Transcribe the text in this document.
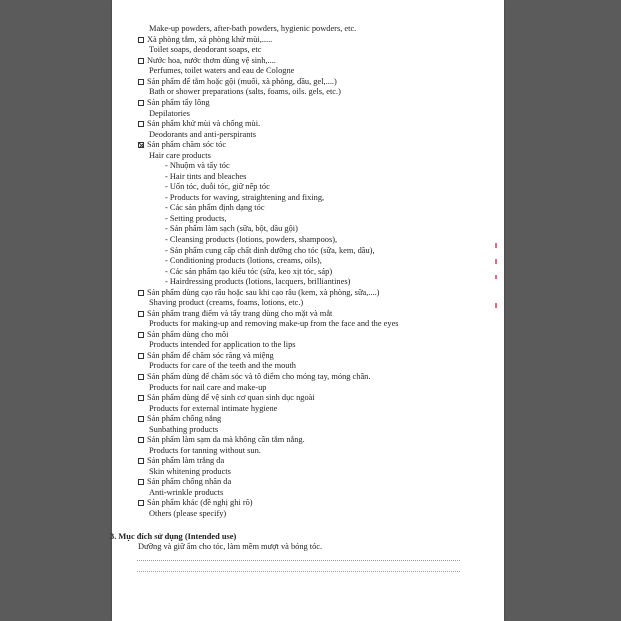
Make-up powders, after-bath powders, hygienic powders, etc.
Xà phòng tắm, xà phòng khử mùi,.....
Toilet soaps, deodorant soaps, etc
Nước hoa, nước thơm dùng vệ sinh,....
Perfumes, toilet waters and eau de Cologne
Sản phẩm để tắm hoặc gội (muối, xà phòng, dầu, gel,....)
Bath or shower preparations (salts, foams, oils. gels, etc.)
Sản phẩm tẩy lông
Depilatories
Sản phẩm khử mùi và chống mùi.
Deodorants and anti-perspirants
Sản phẩm chăm sóc tóc
Hair care products
- Nhuộm và tẩy tóc
- Hair tints and bleaches
- Uốn tóc, duỗi tóc, giữ nếp tóc
- Products for waving, straightening and fixing,
- Các sản phẩm định dạng tóc
- Setting products,
- Sản phẩm làm sạch (sữa, bột, dầu gội)
- Cleansing products (lotions, powders, shampoos),
- Sản phẩm cung cấp chất dinh dưỡng cho tóc (sữa, kem, dầu),
- Conditioning products (lotions, creams, oils),
- Các sản phẩm tạo kiểu tóc (sữa, keo xịt tóc, sáp)
- Hairdressing products (lotions, lacquers, brilliantines)
Sản phẩm dùng cạo râu hoặc sau khi cạo râu (kem, xà phòng, sữa,....)
Shaving product (creams, foams, lotions, etc.)
Sản phẩm trang điểm và tẩy trang dùng cho mặt và mắt
Products for making-up and removing make-up from the face and the eyes
Sản phẩm dùng cho môi
Products intended for application to the lips
Sản phẩm để chăm sóc răng và miệng
Products for care of the teeth and the mouth
Sản phẩm dùng để chăm sóc và tô điểm cho móng tay, móng chân.
Products for nail care and make-up
Sản phẩm dùng để vệ sinh cơ quan sinh dục ngoài
Products for external intimate hygiene
Sản phẩm chống nắng
Sunbathing products
Sản phẩm làm sạm da mà không cần tắm nắng.
Products for tanning without sun.
Sản phẩm làm trắng da
Skin whitening products
Sản phẩm chống nhăn da
Anti-wrinkle products
Sản phẩm khác (đề nghị ghi rõ)
Others (please specify)
3. Mục đích sử dụng (Intended use)
Dưỡng và giữ ẩm cho tóc, làm mềm mượt và bóng tóc.
